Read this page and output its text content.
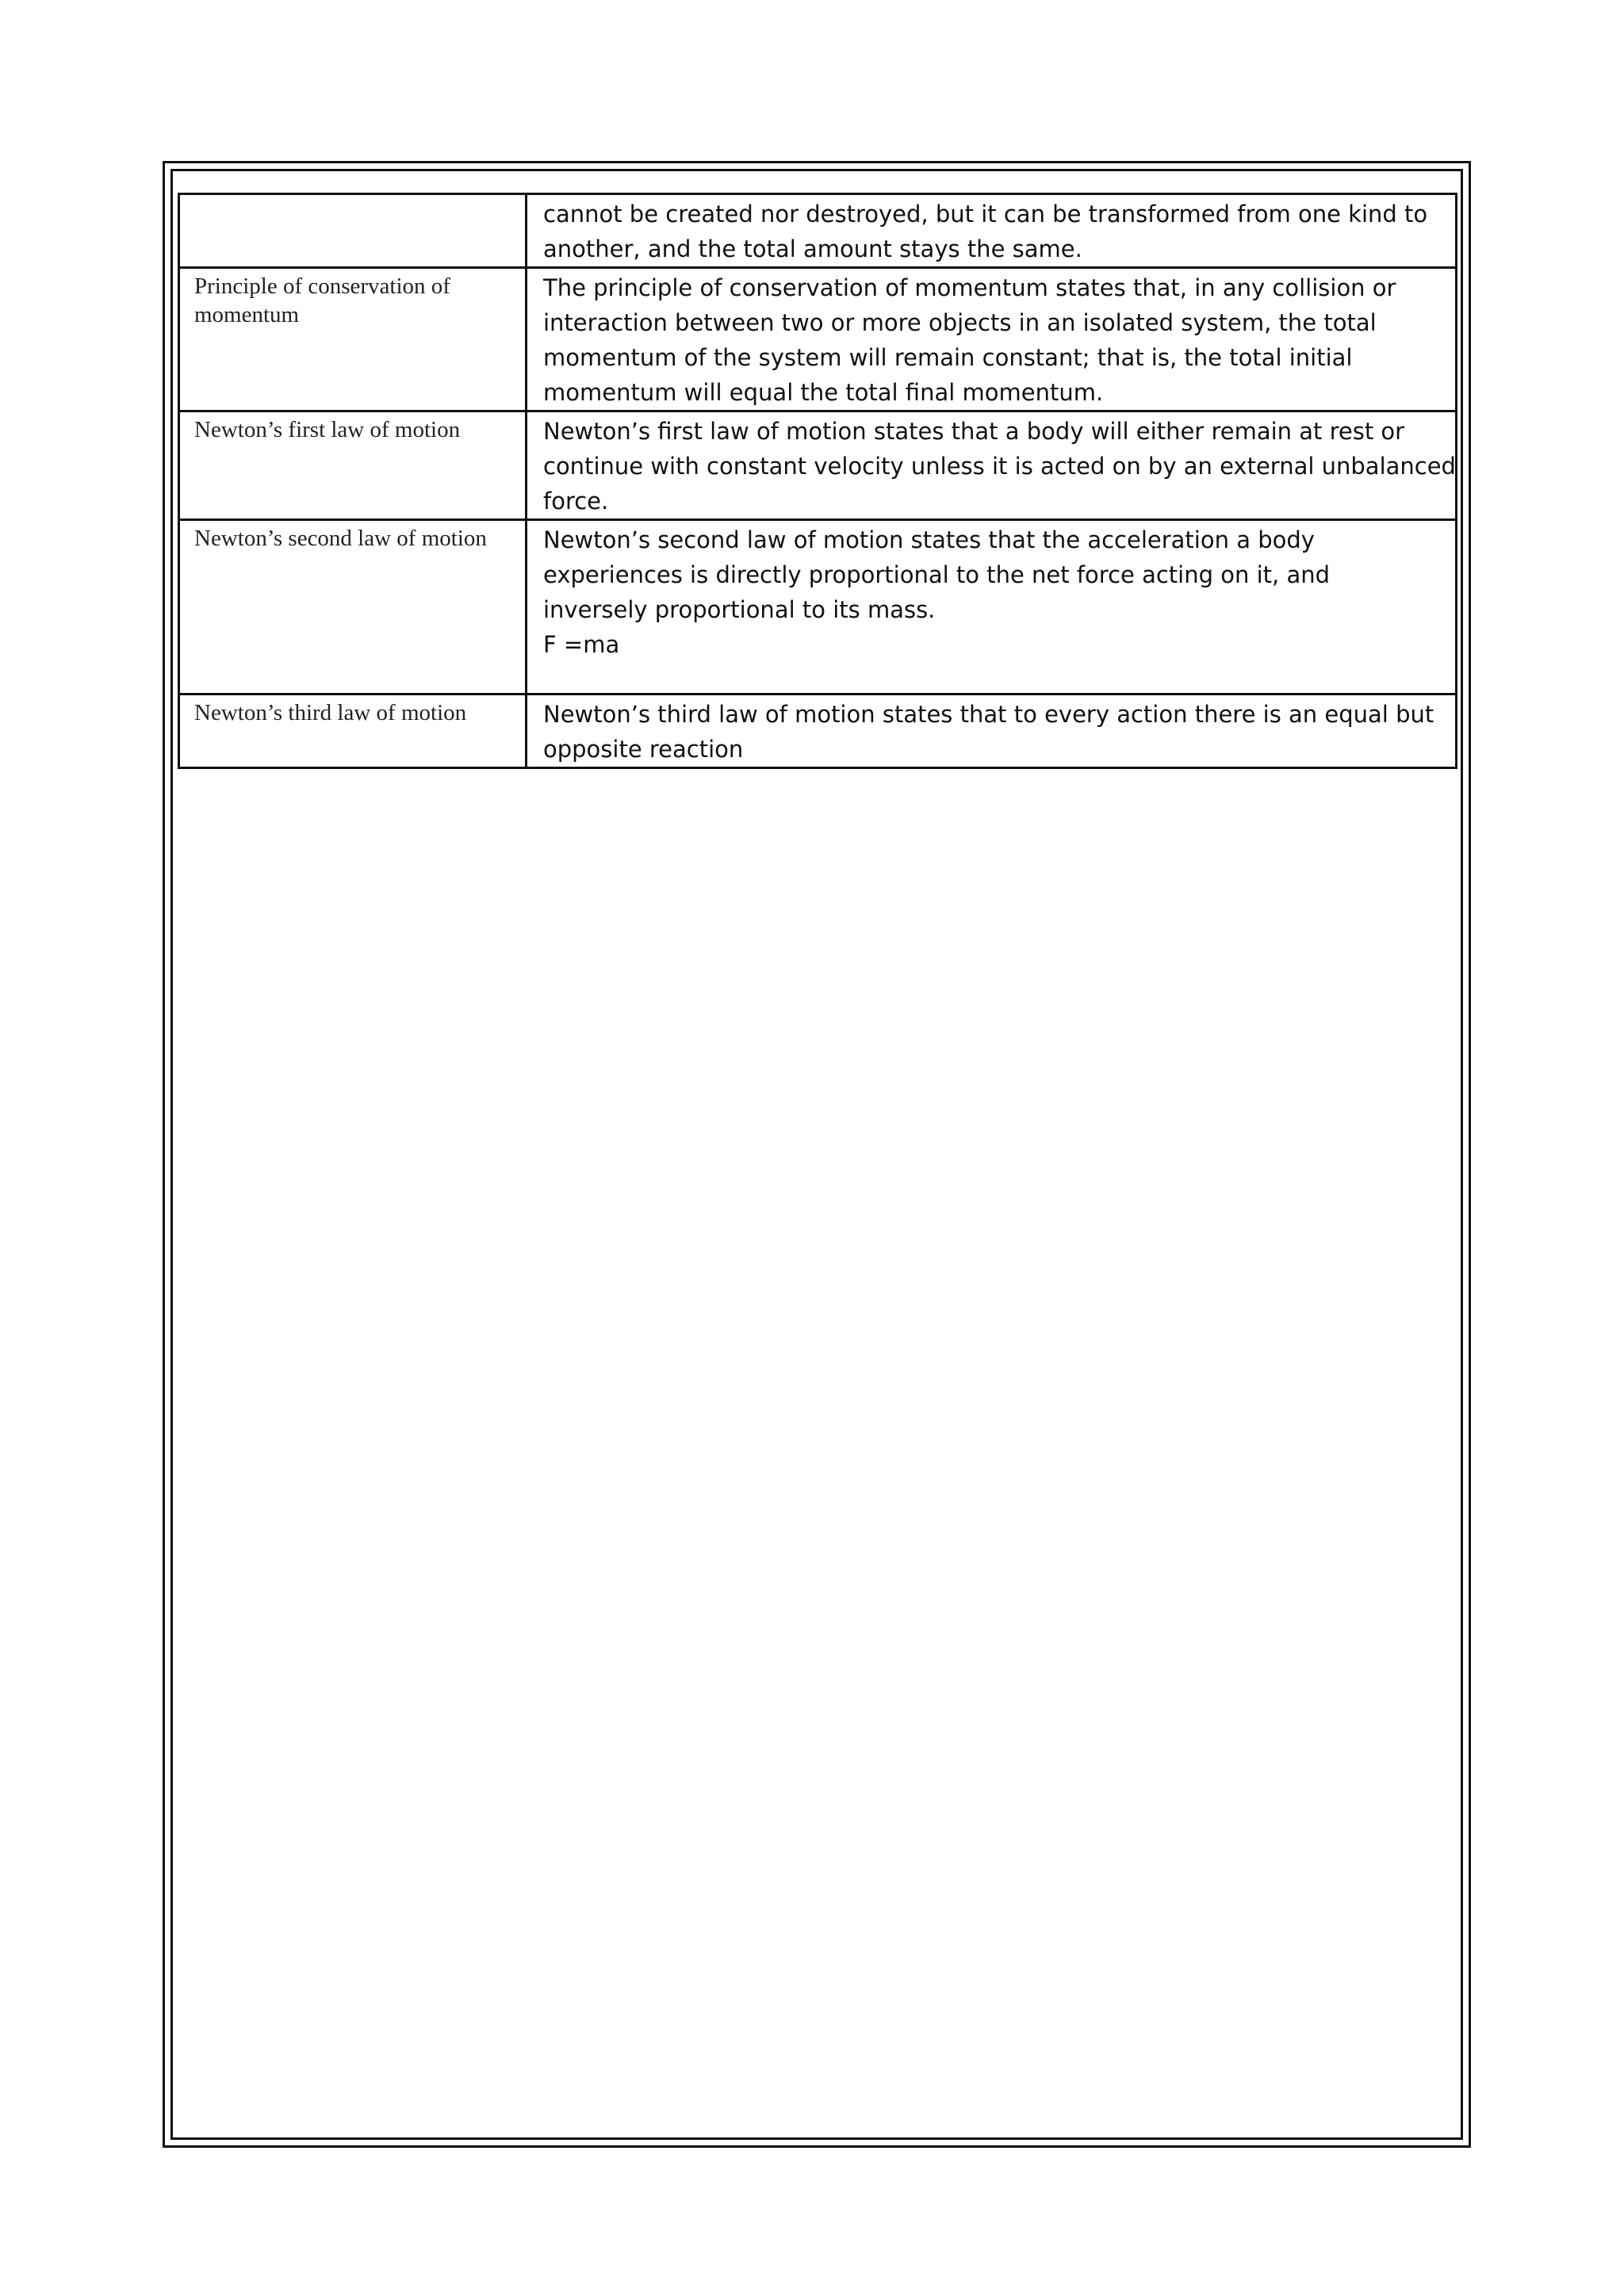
	cannot be created nor destroyed, but it can be transformed from one kind to
another, and the total amount stays the same.

Principle of conservation of
momentum	The principle of conservation of momentum states that, in any collision or
interaction between two or more objects in an isolated system, the total
momentum of the system will remain constant; that is, the total initial
momentum will equal the total final momentum.

Newton’s first law of motion	Newton’s first law of motion states that a body will either remain at rest or
continue with constant velocity unless it is acted on by an external unbalanced
force.

Newton’s second law of motion	Newton’s second law of motion states that the acceleration a body
experiences is directly proportional to the net force acting on it, and
inversely proportional to its mass.
F =ma

Newton’s third law of motion	Newton’s third law of motion states that to every action there is an equal but
opposite reaction
